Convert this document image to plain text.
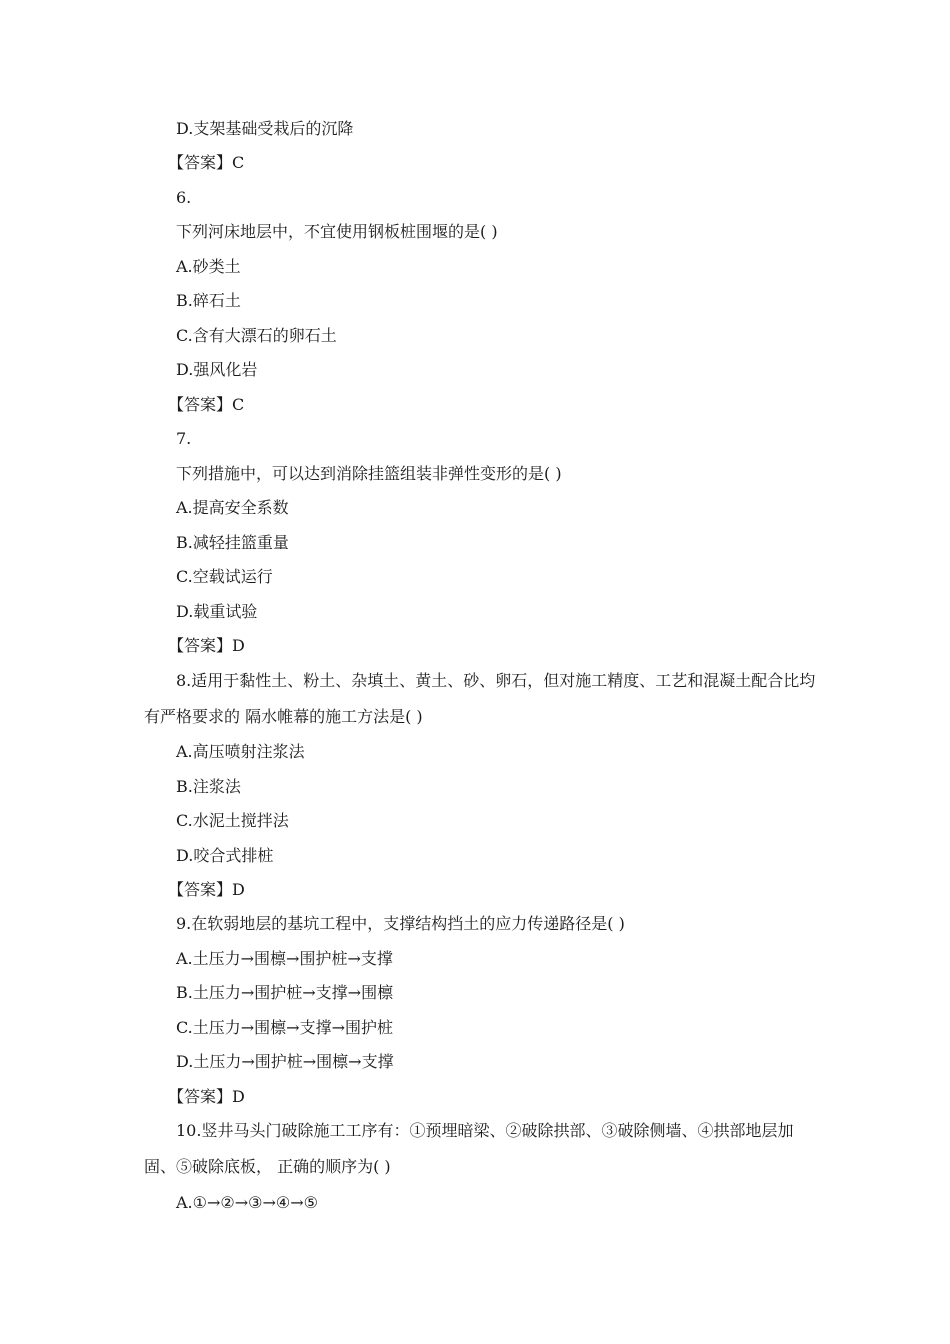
D.支架基础受栽后的沉降
【答案】C
6.
下列河床地层中，不宜使用钢板桩围堰的是( )
A.砂类土
B.碎石土
C.含有大漂石的卵石土
D.强风化岩
【答案】C
7.
下列措施中，可以达到消除挂篮组装非弹性变形的是( )
A.提高安全系数
B.减轻挂篮重量
C.空载试运行
D.载重试验
【答案】D
8.适用于黏性土、粉土、杂填土、黄土、砂、卵石，但对施工精度、工艺和混凝土配合比均
有严格要求的 隔水帷幕的施工方法是( )
A.高压喷射注浆法
B.注浆法
C.水泥土搅拌法
D.咬合式排桩
【答案】D
9.在软弱地层的基坑工程中，支撑结构挡土的应力传递路径是( )
A.土压力→围檩→围护桩→支撑
B.土压力→围护桩→支撑→围檩
C.土压力→围檩→支撑→围护桩
D.土压力→围护桩→围檩→支撑
【答案】D
10.竖井马头门破除施工工序有：①预埋暗梁、②破除拱部、③破除侧墙、④拱部地层加
固、⑤破除底板， 正确的顺序为( )
A.①→②→③→④→⑤
